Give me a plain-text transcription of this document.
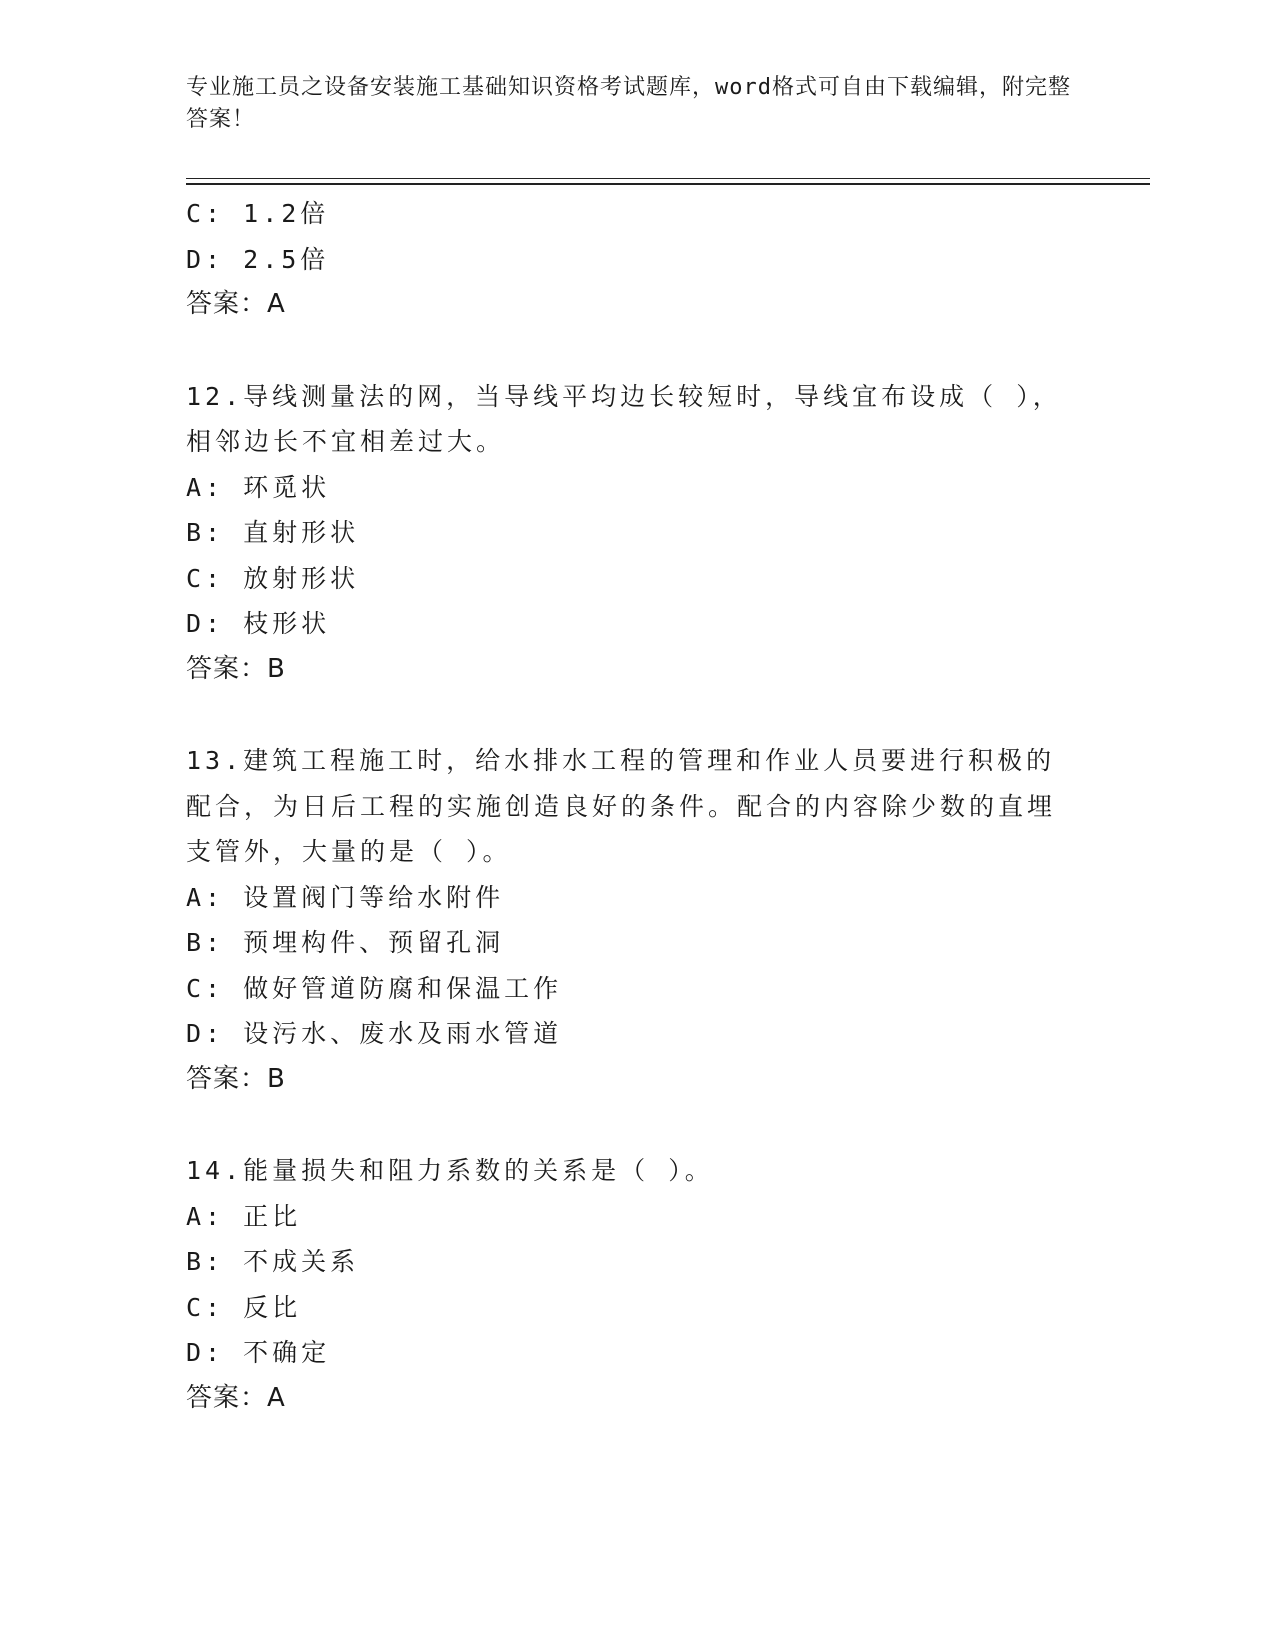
专业施工员之设备安装施工基础知识资格考试题库，word格式可自由下载编辑，附完整答案！
C: 1.2倍
D: 2.5倍
答案：A
12.导线测量法的网，当导线平均边长较短时，导线宜布设成（ ），相邻边长不宜相差过大。
A: 环觅状
B: 直射形状
C: 放射形状
D: 枝形状
答案：B
13.建筑工程施工时，给水排水工程的管理和作业人员要进行积极的配合，为日后工程的实施创造良好的条件。配合的内容除少数的直埋支管外，大量的是（ ）。
A: 设置阀门等给水附件
B: 预埋构件、预留孔洞
C: 做好管道防腐和保温工作
D: 设污水、废水及雨水管道
答案：B
14.能量损失和阻力系数的关系是（ ）。
A: 正比
B: 不成关系
C: 反比
D: 不确定
答案：A
